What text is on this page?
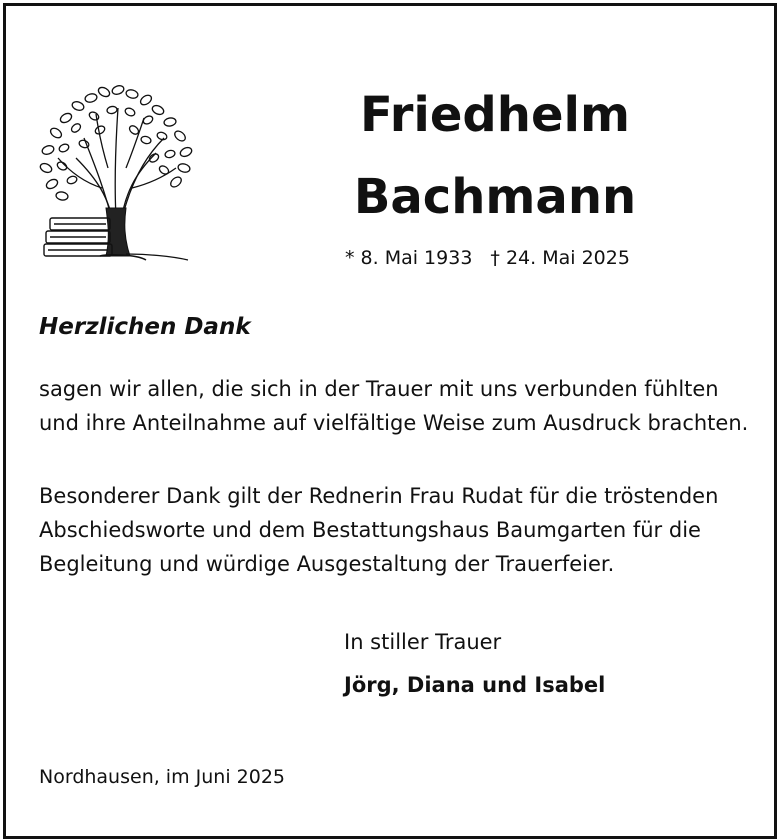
Friedhelm
Bachmann
* 8. Mai 1933 † 24. Mai 2025
Herzlichen Dank

sagen wir allen, die sich in der Trauer mit uns verbunden fühlten und ihre Anteilnahme auf vielfältige Weise zum Ausdruck brachten.

Besonderer Dank gilt der Rednerin Frau Rudat für die tröstenden Abschiedsworte und dem Bestattungshaus Baumgarten für die Begleitung und würdige Ausgestaltung der Trauerfeier.

In stiller Trauer
Jörg, Diana und Isabel
Nordhausen, im Juni 2025
